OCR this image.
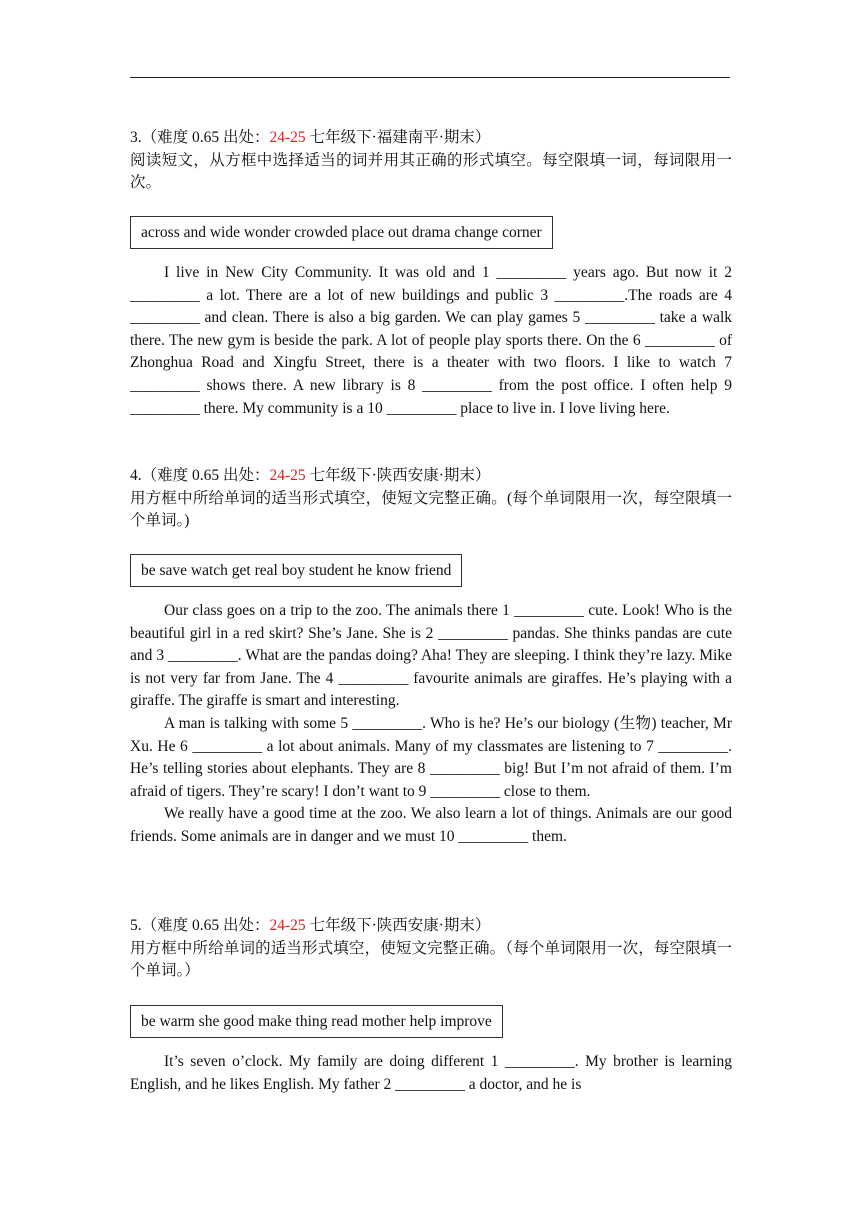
3.（难度 0.65 出处：24-25 七年级下·福建南平·期末）
阅读短文，从方框中选择适当的词并用其正确的形式填空。每空限填一词，每词限用一次。
across and wide wonder crowded place out drama change corner

I live in New City Community. It was old and 1 _________ years ago. But now it 2 _________ a lot. There are a lot of new buildings and public 3 _________.The roads are 4 _________ and clean. There is also a big garden. We can play games 5 _________ take a walk there. The new gym is beside the park. A lot of people play sports there. On the 6 _________ of Zhonghua Road and Xingfu Street, there is a theater with two floors. I like to watch 7 _________ shows there. A new library is 8 _________ from the post office. I often help 9 _________ there. My community is a 10 _________ place to live in. I love living here.

4.（难度 0.65 出处：24-25 七年级下·陕西安康·期末）
用方框中所给单词的适当形式填空，使短文完整正确。(每个单词限用一次，每空限填一个单词。)
be save watch get real boy student he know friend

Our class goes on a trip to the zoo. The animals there 1 _________ cute. Look! Who is the beautiful girl in a red skirt? She’s Jane. She is 2 _________ pandas. She thinks pandas are cute and 3 _________. What are the pandas doing? Aha! They are sleeping. I think they’re lazy. Mike is not very far from Jane. The 4 _________ favourite animals are giraffes. He’s playing with a giraffe. The giraffe is smart and interesting.

A man is talking with some 5 _________. Who is he? He’s our biology (生物) teacher, Mr Xu. He 6 _________ a lot about animals. Many of my classmates are listening to 7 _________. He’s telling stories about elephants. They are 8 _________ big! But I’m not afraid of them. I’m afraid of tigers. They’re scary! I don’t want to 9 _________ close to them.

We really have a good time at the zoo. We also learn a lot of things. Animals are our good friends. Some animals are in danger and we must 10 _________ them.

5.（难度 0.65 出处：24-25 七年级下·陕西安康·期末）
用方框中所给单词的适当形式填空，使短文完整正确。（每个单词限用一次，每空限填一个单词。）
be warm she good make thing read mother help improve

It’s seven o’clock. My family are doing different 1 _________. My brother is learning English, and he likes English. My father 2 _________ a doctor, and he is
